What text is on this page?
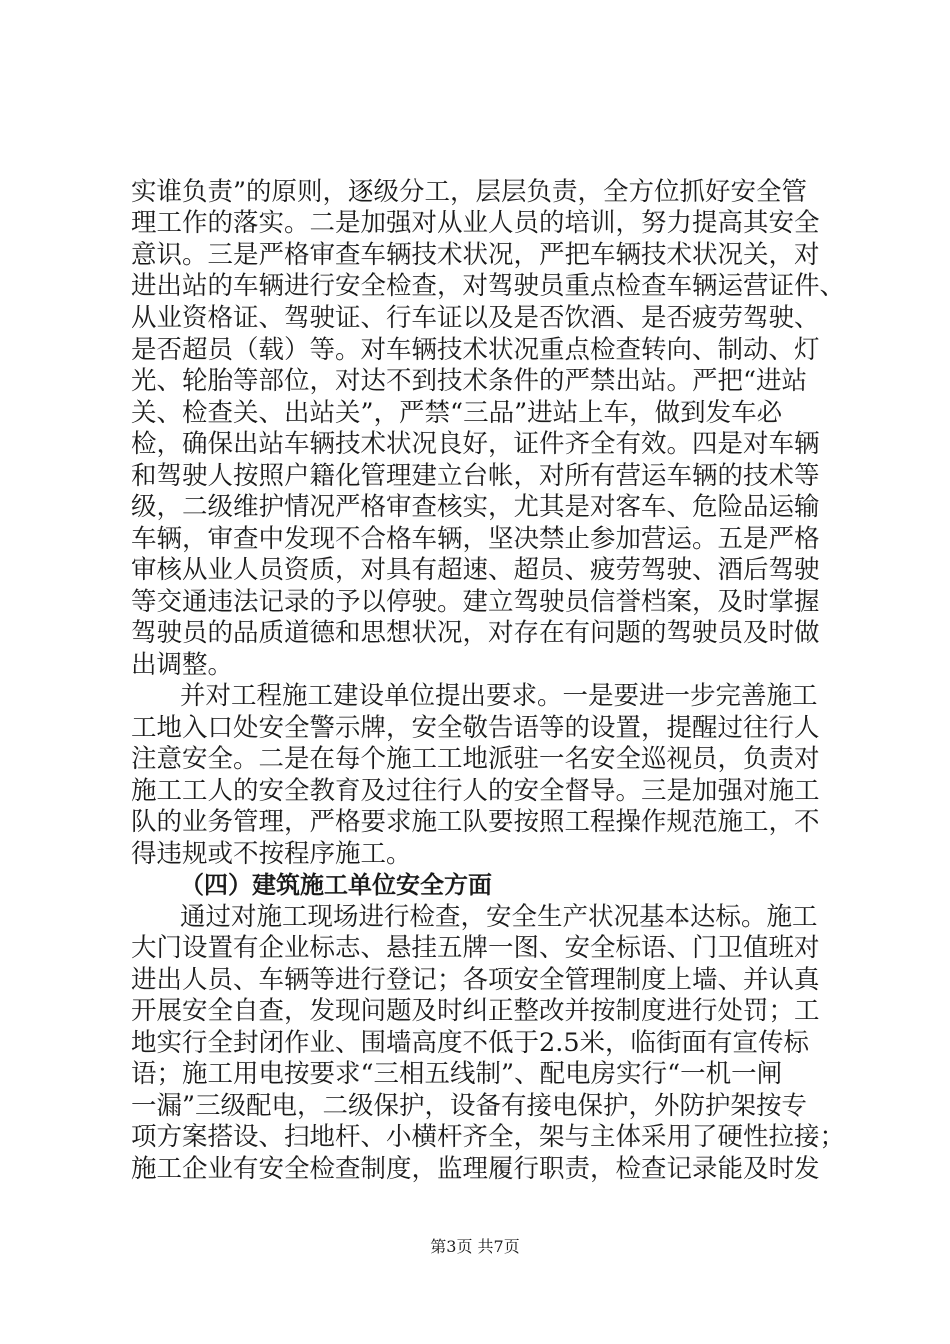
实谁负责”的原则，逐级分工，层层负责，全方位抓好安全管
理工作的落实。二是加强对从业人员的培训，努力提高其安全
意识。三是严格审查车辆技术状况，严把车辆技术状况关，对
进出站的车辆进行安全检查，对驾驶员重点检查车辆运营证件、
从业资格证、驾驶证、行车证以及是否饮酒、是否疲劳驾驶、
是否超员（载）等。对车辆技术状况重点检查转向、制动、灯
光、轮胎等部位，对达不到技术条件的严禁出站。严把“进站
关、检查关、出站关”，严禁“三品”进站上车，做到发车必
检，确保出站车辆技术状况良好，证件齐全有效。四是对车辆
和驾驶人按照户籍化管理建立台帐，对所有营运车辆的技术等
级，二级维护情况严格审查核实，尤其是对客车、危险品运输
车辆，审查中发现不合格车辆，坚决禁止参加营运。五是严格
审核从业人员资质，对具有超速、超员、疲劳驾驶、酒后驾驶
等交通违法记录的予以停驶。建立驾驶员信誉档案，及时掌握
驾驶员的品质道德和思想状况，对存在有问题的驾驶员及时做
出调整。
并对工程施工建设单位提出要求。一是要进一步完善施工
工地入口处安全警示牌，安全敬告语等的设置，提醒过往行人
注意安全。二是在每个施工工地派驻一名安全巡视员，负责对
施工工人的安全教育及过往行人的安全督导。三是加强对施工
队的业务管理，严格要求施工队要按照工程操作规范施工，不
得违规或不按程序施工。
（四）建筑施工单位安全方面
通过对施工现场进行检查，安全生产状况基本达标。施工
大门设置有企业标志、悬挂五牌一图、安全标语、门卫值班对
进出人员、车辆等进行登记；各项安全管理制度上墙、并认真
开展安全自查，发现问题及时纠正整改并按制度进行处罚；工
地实行全封闭作业、围墙高度不低于2.5米，临街面有宣传标
语；施工用电按要求“三相五线制”、配电房实行“一机一闸
一漏”三级配电，二级保护，设备有接电保护，外防护架按专
项方案搭设、扫地杆、小横杆齐全，架与主体采用了硬性拉接；
施工企业有安全检查制度，监理履行职责，检查记录能及时发
第3页 共7页
